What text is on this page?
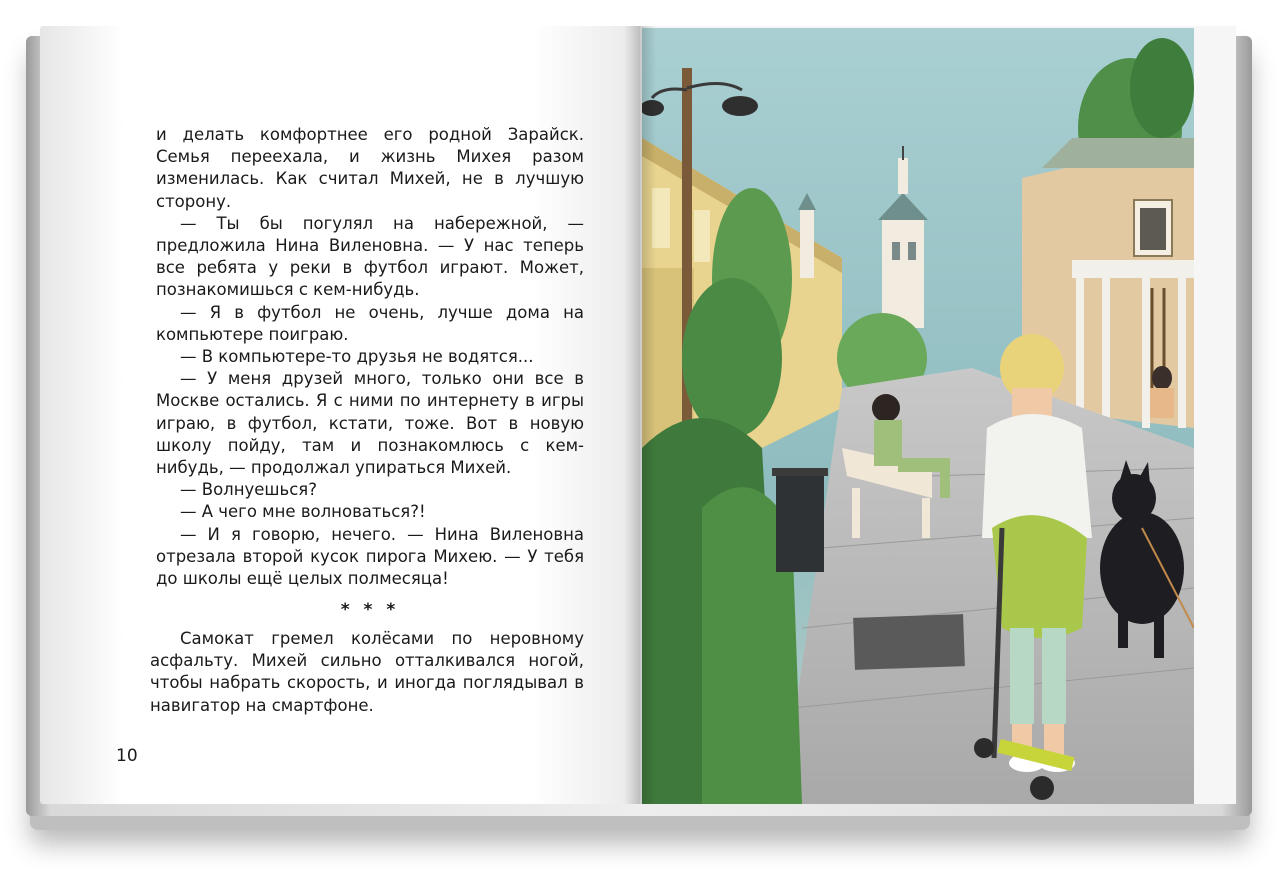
и делать комфортнее его родной Зарайск. Семья переехала, и жизнь Михея разом изменилась. Как считал Михей, не в лучшую сторону.

— Ты бы погулял на набережной, — предложила Нина Виленовна. — У нас теперь все ребята у реки в футбол играют. Может, познакомишься с кем-нибудь.

— Я в футбол не очень, лучше дома на компьютере поиграю.

— В компьютере-то друзья не водятся...

— У меня друзей много, только они все в Москве остались. Я с ними по интернету в игры играю, в футбол, кстати, тоже. Вот в новую школу пойду, там и познакомлюсь с кем-нибудь, — продолжал упираться Михей.

— Волнуешься?

— А чего мне волноваться?!

— И я говорю, нечего. — Нина Виленовна отрезала второй кусок пирога Михею. — У тебя до школы ещё целых полмесяца!

* * *

Самокат гремел колёсами по неровному асфальту. Михей сильно отталкивался ногой, чтобы набрать скорость, и иногда поглядывал в навигатор на смартфоне.

10
